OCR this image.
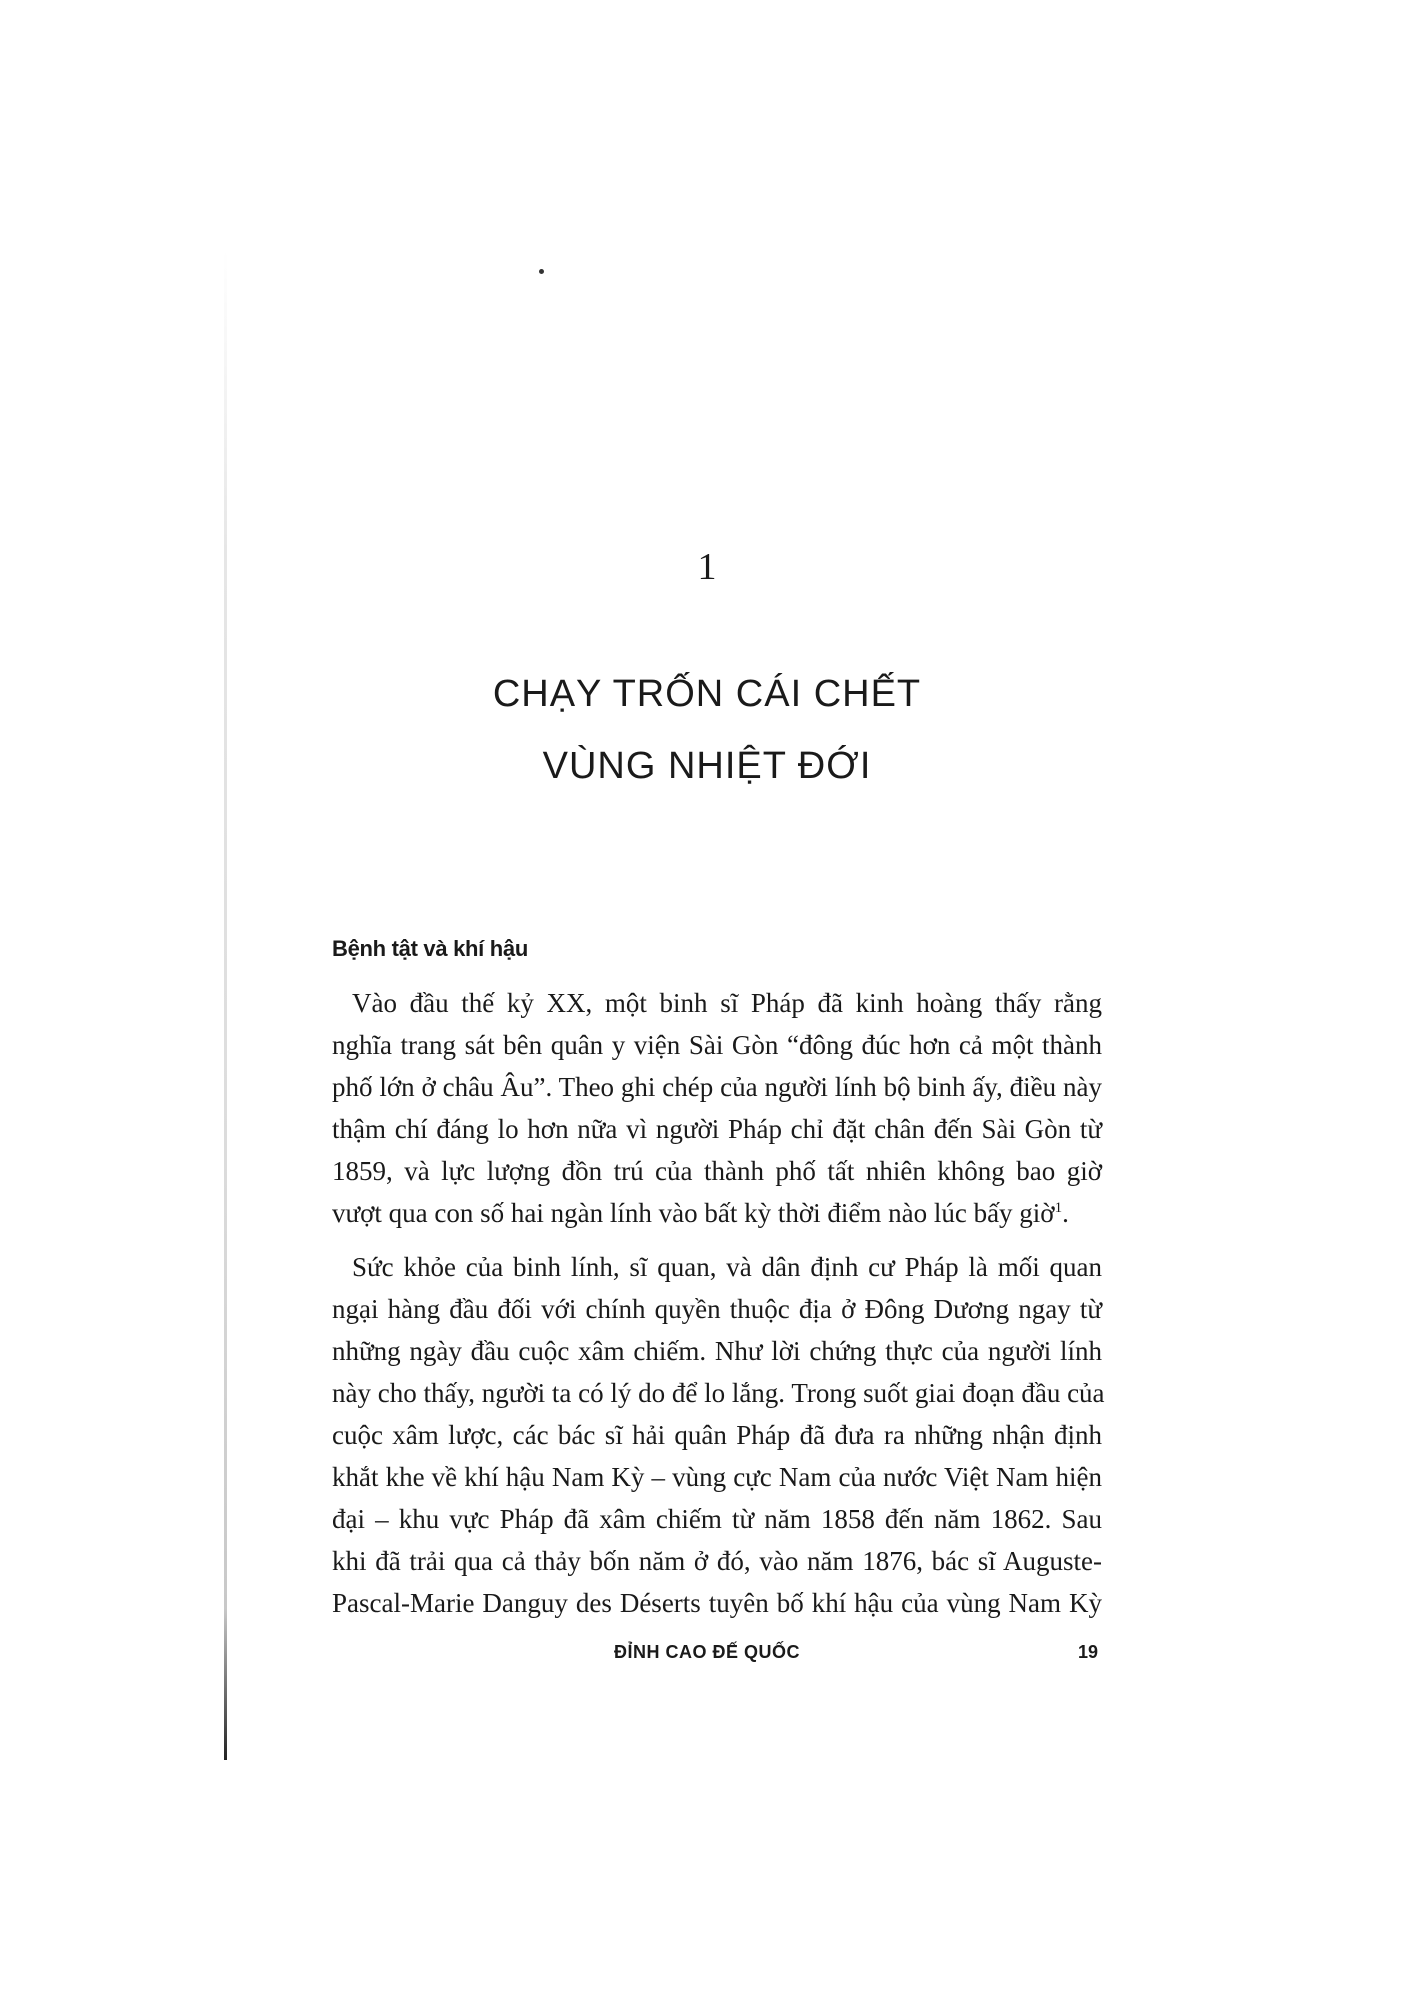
1
CHẠY TRỐN CÁI CHẾT
VÙNG NHIỆT ĐỚI
Bệnh tật và khí hậu

Vào đầu thế kỷ XX, một binh sĩ Pháp đã kinh hoàng thấy rằng
nghĩa trang sát bên quân y viện Sài Gòn “đông đúc hơn cả một thành
phố lớn ở châu Âu”. Theo ghi chép của người lính bộ binh ấy, điều này
thậm chí đáng lo hơn nữa vì người Pháp chỉ đặt chân đến Sài Gòn từ
1859, và lực lượng đồn trú của thành phố tất nhiên không bao giờ
vượt qua con số hai ngàn lính vào bất kỳ thời điểm nào lúc bấy giờ$^1$.

Sức khỏe của binh lính, sĩ quan, và dân định cư Pháp là mối quan
ngại hàng đầu đối với chính quyền thuộc địa ở Đông Dương ngay từ
những ngày đầu cuộc xâm chiếm. Như lời chứng thực của người lính
này cho thấy, người ta có lý do để lo lắng. Trong suốt giai đoạn đầu của
cuộc xâm lược, các bác sĩ hải quân Pháp đã đưa ra những nhận định
khắt khe về khí hậu Nam Kỳ – vùng cực Nam của nước Việt Nam hiện
đại – khu vực Pháp đã xâm chiếm từ năm 1858 đến năm 1862. Sau
khi đã trải qua cả thảy bốn năm ở đó, vào năm 1876, bác sĩ Auguste-
Pascal-Marie Danguy des Déserts tuyên bố khí hậu của vùng Nam Kỳ

ĐỈNH CAO ĐẾ QUỐC	19
